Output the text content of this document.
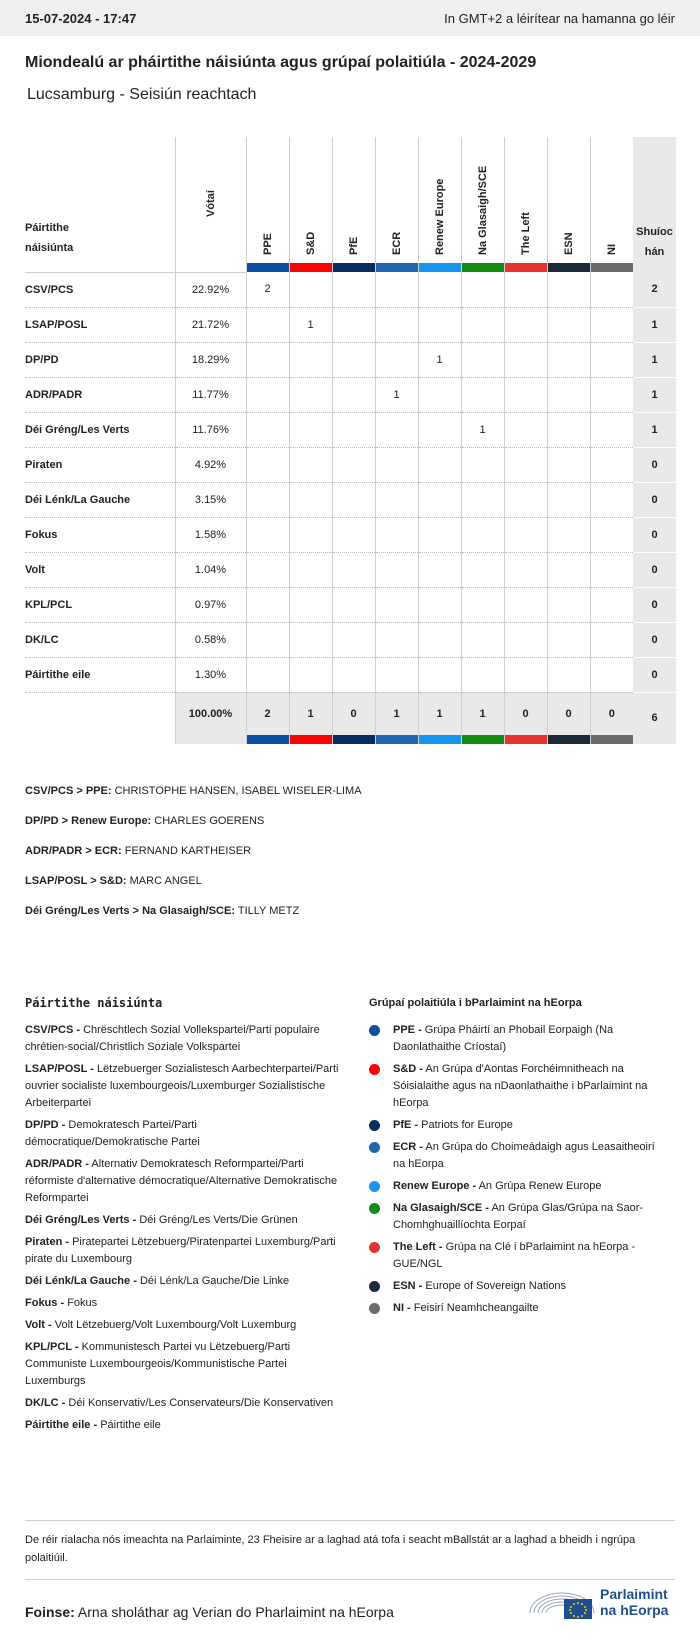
15-07-2024 - 17:47	In GMT+2 a léirítear na hamanna go léir
Miondealú ar pháirtithe náisiúnta agus grúpaí polaitiúla - 2024-2029
Lucsamburg - Seisiún reachtach
Páirtithe
náisiúnta	Vótaí	PPE	S&D	PfE	ECR	Renew Europe	Na Glasaigh/SCE	The Left	ESN	NI	Shuíoc
hán

CSV/PCS	22.92%	2									2
LSAP/POSL	21.72%		1								1
DP/PD	18.29%					1					1
ADR/PADR	11.77%				1						1
Déi Gréng/Les Verts	11.76%						1				1
Piraten	4.92%										0
Déi Lénk/La Gauche	3.15%										0
Fokus	1.58%										0
Volt	1.04%										0
KPL/PCL	0.97%										0
DK/LC	0.58%										0
Páirtithe eile	1.30%										0
	100.00%	2	1	0	1	1	1	0	0	0	6

CSV/PCS > PPE: CHRISTOPHE HANSEN, ISABEL WISELER-LIMA
DP/PD > Renew Europe: CHARLES GOERENS
ADR/PADR > ECR: FERNAND KARTHEISER
LSAP/POSL > S&D: MARC ANGEL
Déi Gréng/Les Verts > Na Glasaigh/SCE: TILLY METZ
Páirtithe náisiúnta
CSV/PCS - Chrëschtlech Sozial Vollekspartei/Parti populaire chrétien-social/Christlich Soziale Volkspartei
LSAP/POSL - Lëtzebuerger Sozialistesch Aarbechterpartei/Parti ouvrier socialiste luxembourgeois/Luxemburger Sozialistische Arbeiterpartei
DP/PD - Demokratesch Partei/Parti démocratique/Demokratische Partei
ADR/PADR - Alternativ Demokratesch Reformpartei/Parti réformiste d'alternative démocratique/Alternative Demokratische Reformpartei
Déi Gréng/Les Verts - Déi Gréng/Les Verts/Die Grünen
Piraten - Piratepartei Lëtzebuerg/Piratenpartei Luxemburg/Parti pirate du Luxembourg
Déi Lénk/La Gauche - Déi Lénk/La Gauche/Die Linke
Fokus - Fokus
Volt - Volt Lëtzebuerg/Volt Luxembourg/Volt Luxemburg
KPL/PCL - Kommunistesch Partei vu Lëtzebuerg/Parti Communiste Luxembourgeois/Kommunistische Partei Luxemburgs
DK/LC - Déi Konservativ/Les Conservateurs/Die Konservativen
Páirtithe eile - Páirtithe eile
Grúpaí polaitiúla i bParlaimint na hEorpa
PPE - Grúpa Pháirtí an Phobail Eorpaigh (Na Daonlathaithe Críostaí)
S&D - An Grúpa d'Aontas Forchéimnitheach na Sóisialaithe agus na nDaonlathaithe i bParlaimint na hEorpa
PfE - Patriots for Europe
ECR - An Grúpa do Choimeádaigh agus Leasaitheoirí na hEorpa
Renew Europe - An Grúpa Renew Europe
Na Glasaigh/SCE - An Grúpa Glas/Grúpa na Saor-Chomhghuaillíochta Eorpaí
The Left - Grúpa na Clé i bParlaimint na hEorpa - GUE/NGL
ESN - Europe of Sovereign Nations
NI - Feisirí Neamhcheangailte
De réir rialacha nós imeachta na Parlaiminte, 23 Fheisire ar a laghad atá tofa i seacht mBallstát ar a laghad a bheidh i ngrúpa polaitiúil.
Foinse: Arna sholáthar ag Verian do Pharlaimint na hEorpa
Parlaimint
na hEorpa
